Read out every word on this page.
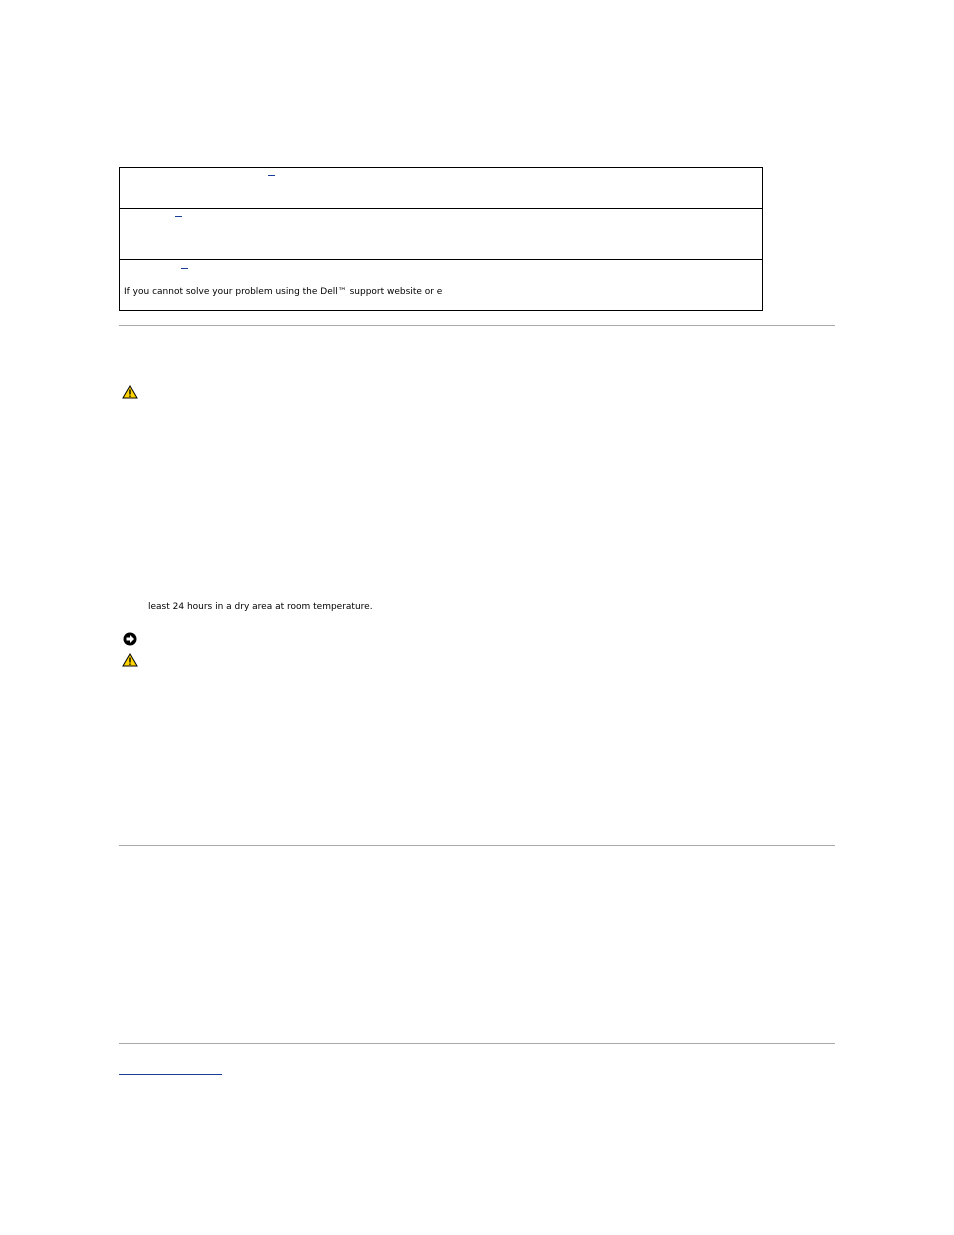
If you cannot solve your problem using the Dell™ support website or e
least 24 hours in a dry area at room temperature.
